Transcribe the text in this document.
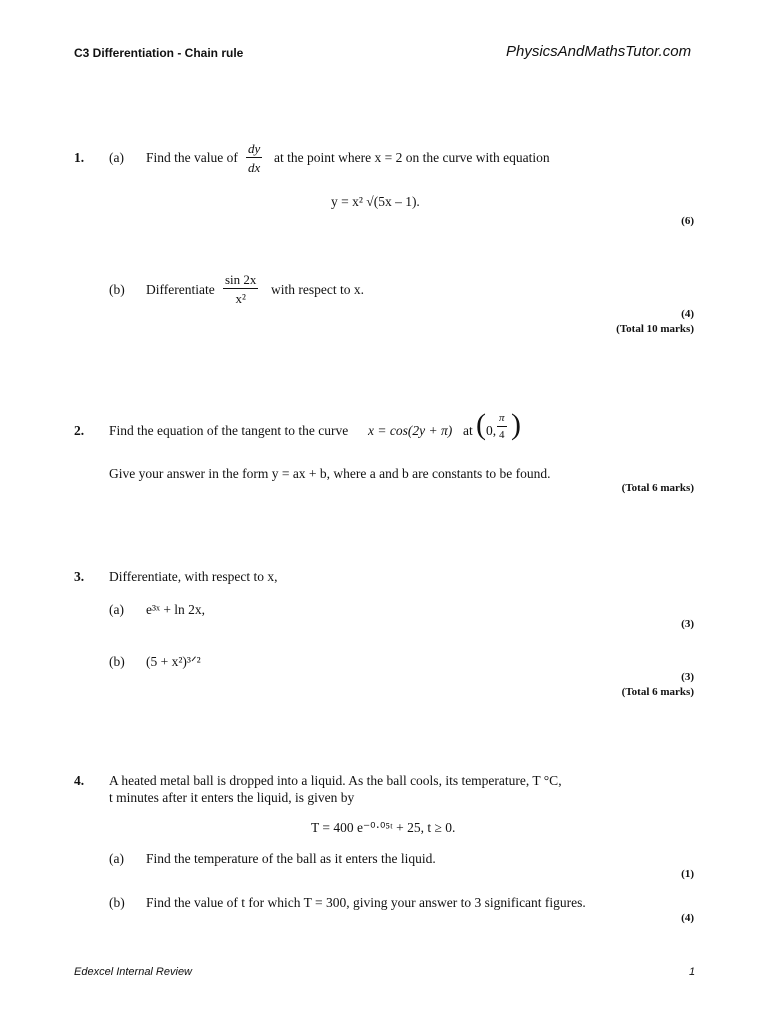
C3 Differentiation - Chain rule	PhysicsAndMathsTutor.com
1. (a) Find the value of $\frac{dy}{dx}$ at the point where x = 2 on the curve with equation
y = x² √(5x – 1).
(6)
(b) Differentiate $\frac{\sin 2x}{\text{x²}}$ with respect to x.
(4)
(Total 10 marks)
2. Find the equation of the tangent to the curve x = cos(2y + π) at ( 0, $\frac{\pi}{4}$ )
Give your answer in the form y = ax + b, where a and b are constants to be found.
(Total 6 marks)
3. Differentiate, with respect to x,
(a) e³ˣ + ln 2x,
(3)
(b) (5 + x²)³ᐟ²
(3)
(Total 6 marks)
4. A heated metal ball is dropped into a liquid. As the ball cools, its temperature, T °C,
t minutes after it enters the liquid, is given by
T = 400 e⁻⁰·⁰⁵ᵗ + 25, t ≥ 0.
(a) Find the temperature of the ball as it enters the liquid.
(1)
(b) Find the value of t for which T = 300, giving your answer to 3 significant figures.
(4)
Edexcel Internal Review	1
